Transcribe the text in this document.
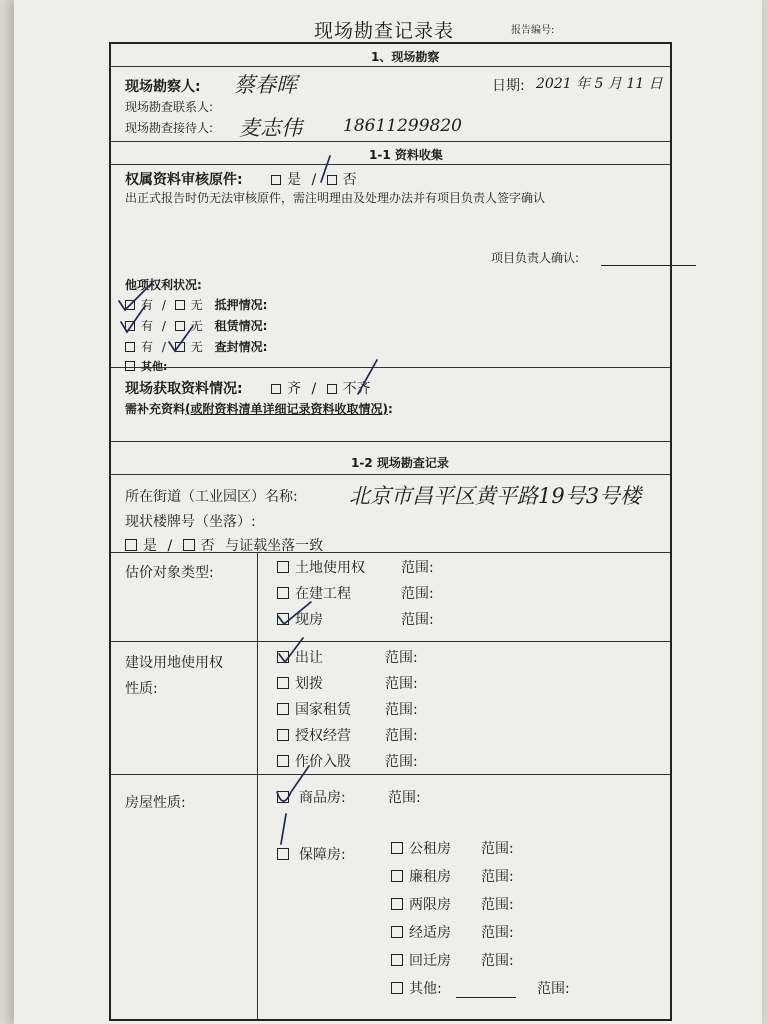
现场勘查记录表	报告编号:
1、现场勘察
现场勘察人: 蔡春晖	日期: 2021 年 5 月 11 日
现场勘查联系人:
现场勘查接待人: 麦志伟 18611299820
1-1 资料收集
权属资料审核原件:	是 / 否
出正式报告时仍无法审核原件，需注明理由及处理办法并有项目负责人签字确认
项目负责人确认:
他项权利状况:
有 / 无 抵押情况:
有 / 无 租赁情况:
有 / 无 查封情况:
其他:
现场获取资料情况:	齐 / 不齐
需补充资料(或附资料清单详细记录资料收取情况):
1-2 现场勘查记录
所在街道（工业园区）名称: 北京市昌平区黄平路19号3号楼
现状楼牌号（坐落）:
是 / 否 与证载坐落一致
估价对象类型:	土地使用权	范围:
在建工程	范围:
现房	范围:
建设用地使用权
性质:
出让	范围:
划拨	范围:
国家租赁 范围:
授权经营 范围:
作价入股 范围:
房屋性质:	商品房:	范围:
保障房:	公租房 范围:
廉租房 范围:
两限房 范围:
经适房 范围:
回迁房 范围:
其他:	范围:
